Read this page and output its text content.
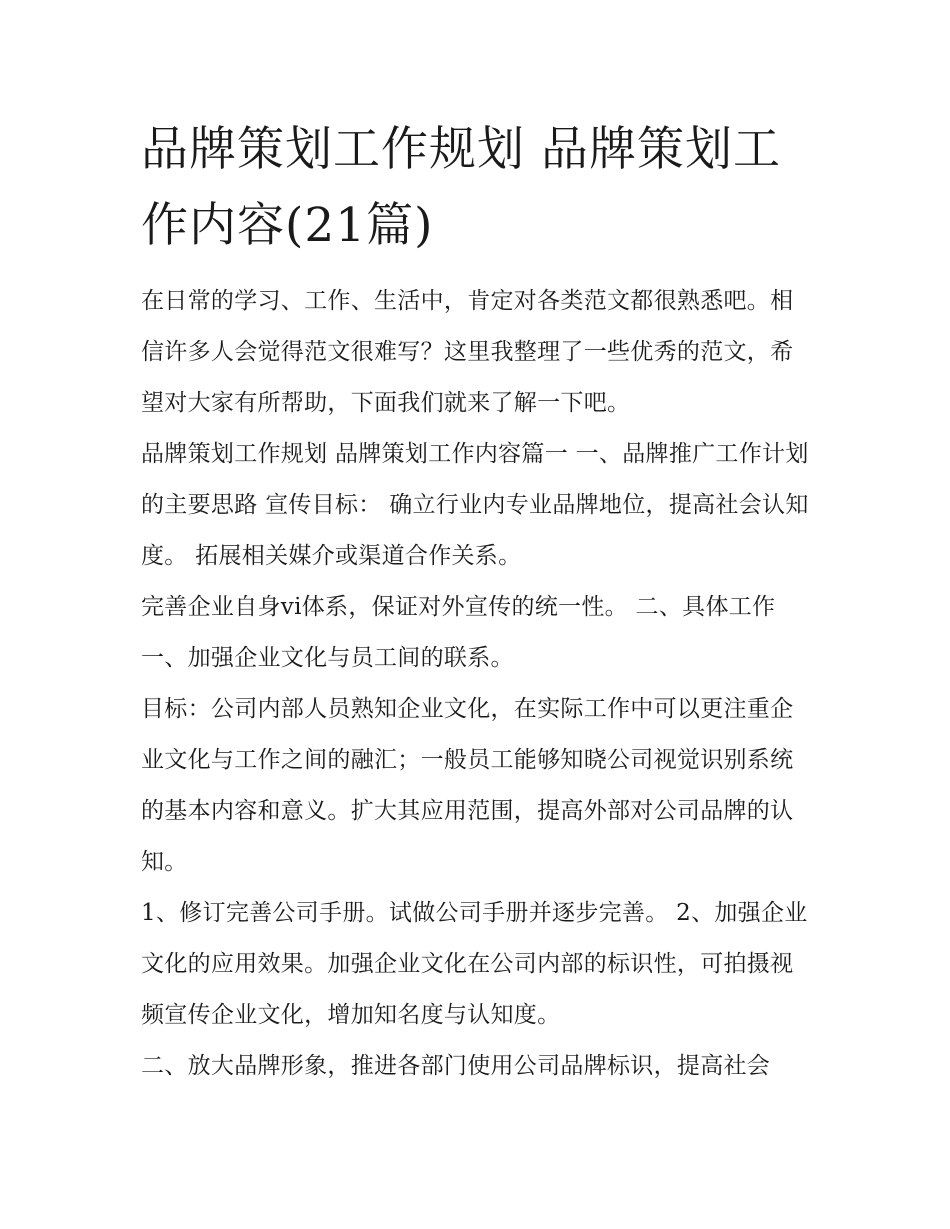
品牌策划工作规划 品牌策划工作内容(21篇)

在日常的学习、工作、生活中，肯定对各类范文都很熟悉吧。相信许多人会觉得范文很难写？这里我整理了一些优秀的范文，希望对大家有所帮助，下面我们就来了解一下吧。

品牌策划工作规划 品牌策划工作内容篇一 一、品牌推广工作计划的主要思路 宣传目标： 确立行业内专业品牌地位，提高社会认知度。 拓展相关媒介或渠道合作关系。

完善企业自身vi体系，保证对外宣传的统一性。 二、具体工作 一、加强企业文化与员工间的联系。

目标：公司内部人员熟知企业文化，在实际工作中可以更注重企业文化与工作之间的融汇；一般员工能够知晓公司视觉识别系统的基本内容和意义。扩大其应用范围，提高外部对公司品牌的认知。

1、修订完善公司手册。试做公司手册并逐步完善。 2、加强企业文化的应用效果。加强企业文化在公司内部的标识性，可拍摄视频宣传企业文化，增加知名度与认知度。

二、放大品牌形象，推进各部门使用公司品牌标识，提高社会
